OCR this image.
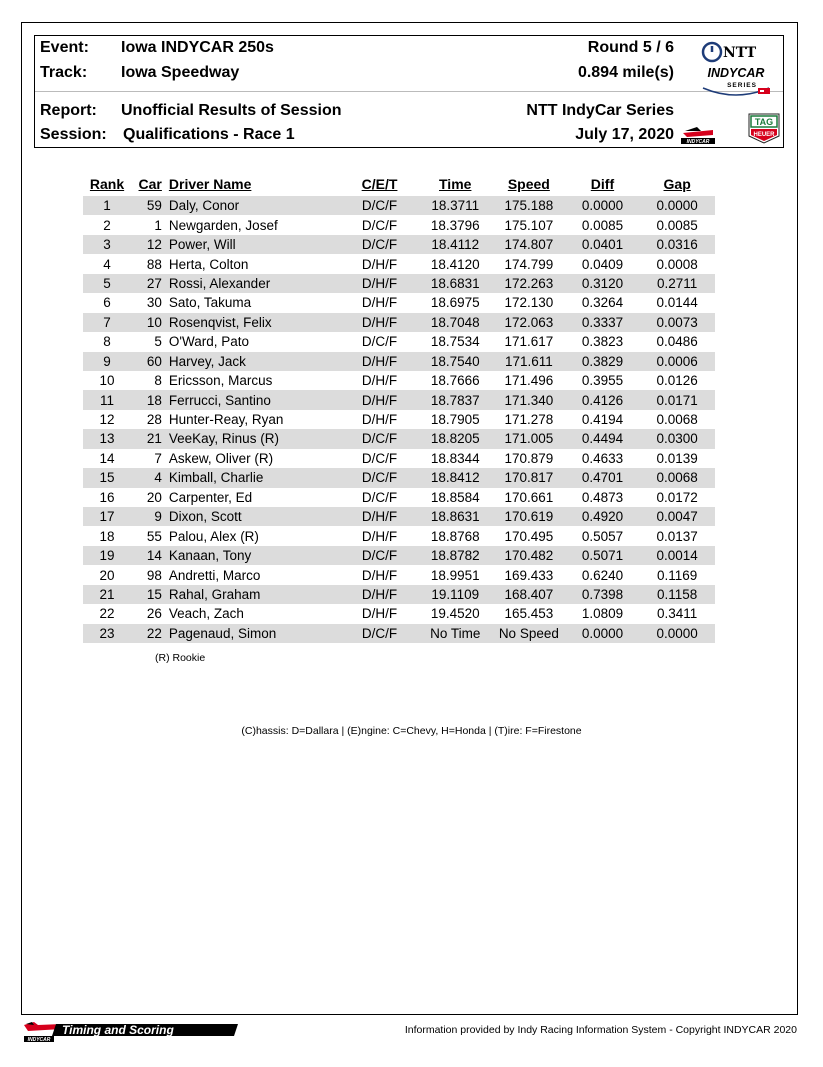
Event: Iowa INDYCAR 250s
Track: Iowa Speedway
Round 5 / 6
0.894 mile(s)
Report: Unofficial Results of Session
Session: Qualifications - Race 1
NTT IndyCar Series
July 17, 2020
NTT
INDYCAR
SERIES
INDYCAR
TAG
HEUER
Rank	Car	Driver Name	C/E/T	Time	Speed	Diff	Gap
1	59	Daly, Conor	D/C/F	18.3711	175.188	0.0000	0.0000
2	1	Newgarden, Josef	D/C/F	18.3796	175.107	0.0085	0.0085
3	12	Power, Will	D/C/F	18.4112	174.807	0.0401	0.0316
4	88	Herta, Colton	D/H/F	18.4120	174.799	0.0409	0.0008
5	27	Rossi, Alexander	D/H/F	18.6831	172.263	0.3120	0.2711
6	30	Sato, Takuma	D/H/F	18.6975	172.130	0.3264	0.0144
7	10	Rosenqvist, Felix	D/H/F	18.7048	172.063	0.3337	0.0073
8	5	O'Ward, Pato	D/C/F	18.7534	171.617	0.3823	0.0486
9	60	Harvey, Jack	D/H/F	18.7540	171.611	0.3829	0.0006
10	8	Ericsson, Marcus	D/H/F	18.7666	171.496	0.3955	0.0126
11	18	Ferrucci, Santino	D/H/F	18.7837	171.340	0.4126	0.0171
12	28	Hunter-Reay, Ryan	D/H/F	18.7905	171.278	0.4194	0.0068
13	21	VeeKay, Rinus (R)	D/C/F	18.8205	171.005	0.4494	0.0300
14	7	Askew, Oliver (R)	D/C/F	18.8344	170.879	0.4633	0.0139
15	4	Kimball, Charlie	D/C/F	18.8412	170.817	0.4701	0.0068
16	20	Carpenter, Ed	D/C/F	18.8584	170.661	0.4873	0.0172
17	9	Dixon, Scott	D/H/F	18.8631	170.619	0.4920	0.0047
18	55	Palou, Alex (R)	D/H/F	18.8768	170.495	0.5057	0.0137
19	14	Kanaan, Tony	D/C/F	18.8782	170.482	0.5071	0.0014
20	98	Andretti, Marco	D/H/F	18.9951	169.433	0.6240	0.1169
21	15	Rahal, Graham	D/H/F	19.1109	168.407	0.7398	0.1158
22	26	Veach, Zach	D/H/F	19.4520	165.453	1.0809	0.3411
23	22	Pagenaud, Simon	D/C/F	No Time	No Speed	0.0000	0.0000
(R) Rookie
(C)hassis: D=Dallara | (E)ngine: C=Chevy, H=Honda | (T)ire: F=Firestone
INDYCAR
Timing and Scoring	Information provided by Indy Racing Information System - Copyright INDYCAR 2020
